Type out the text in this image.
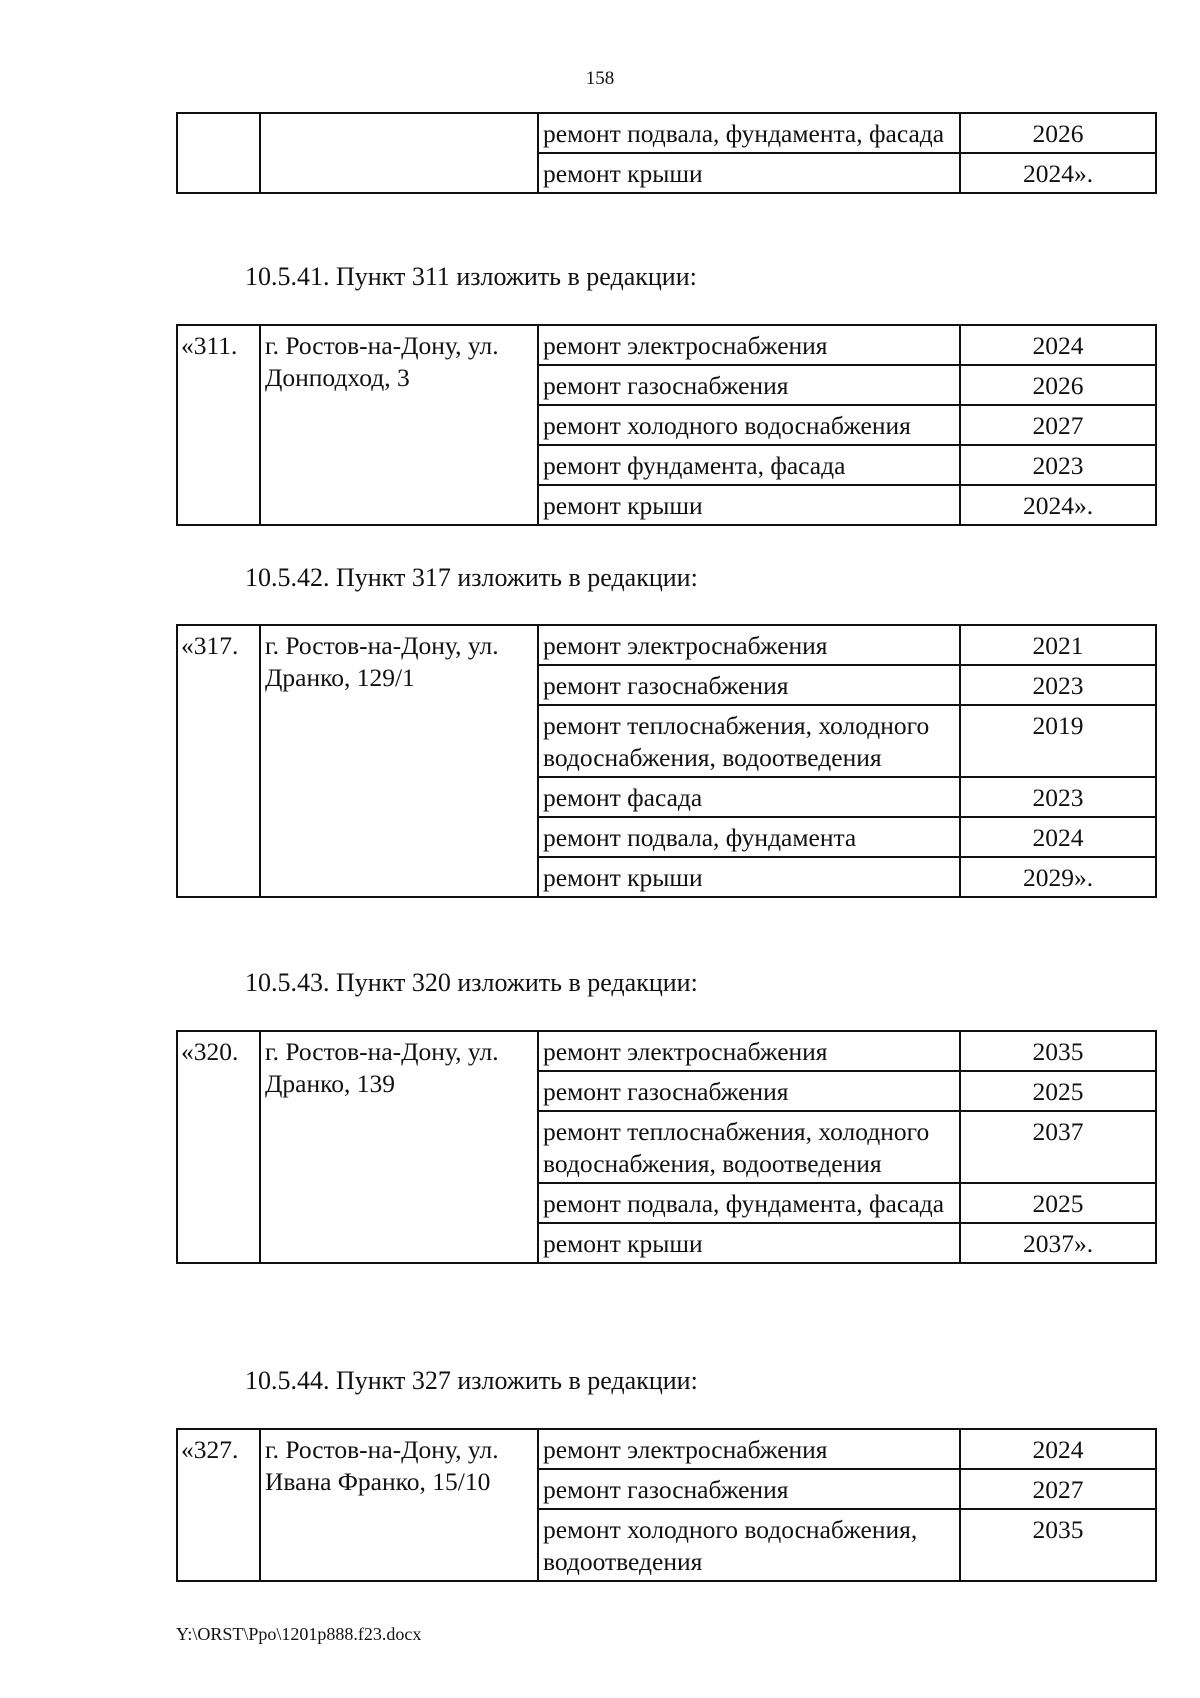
158
		ремонт подвала, фундамента, фасада	2026
		ремонт крыши	2024».
10.5.41. Пункт 311 изложить в редакции:
«311.	г. Ростов-на-Дону, ул. Донподход, 3	ремонт электроснабжения	2024
		ремонт газоснабжения	2026
		ремонт холодного водоснабжения	2027
		ремонт фундамента, фасада	2023
		ремонт крыши	2024».
10.5.42. Пункт 317 изложить в редакции:
«317.	г. Ростов-на-Дону, ул. Дранко, 129/1	ремонт электроснабжения	2021
		ремонт газоснабжения	2023
		ремонт теплоснабжения, холодного водоснабжения, водоотведения	2019
		ремонт фасада	2023
		ремонт подвала, фундамента	2024
		ремонт крыши	2029».
10.5.43. Пункт 320 изложить в редакции:
«320.	г. Ростов-на-Дону, ул. Дранко, 139	ремонт электроснабжения	2035
		ремонт газоснабжения	2025
		ремонт теплоснабжения, холодного водоснабжения, водоотведения	2037
		ремонт подвала, фундамента, фасада	2025
		ремонт крыши	2037».
10.5.44. Пункт 327 изложить в редакции:
«327.	г. Ростов-на-Дону, ул. Ивана Франко, 15/10	ремонт электроснабжения	2024
		ремонт газоснабжения	2027
		ремонт холодного водоснабжения, водоотведения	2035
Y:\ORST\Ppo\1201p888.f23.docx
